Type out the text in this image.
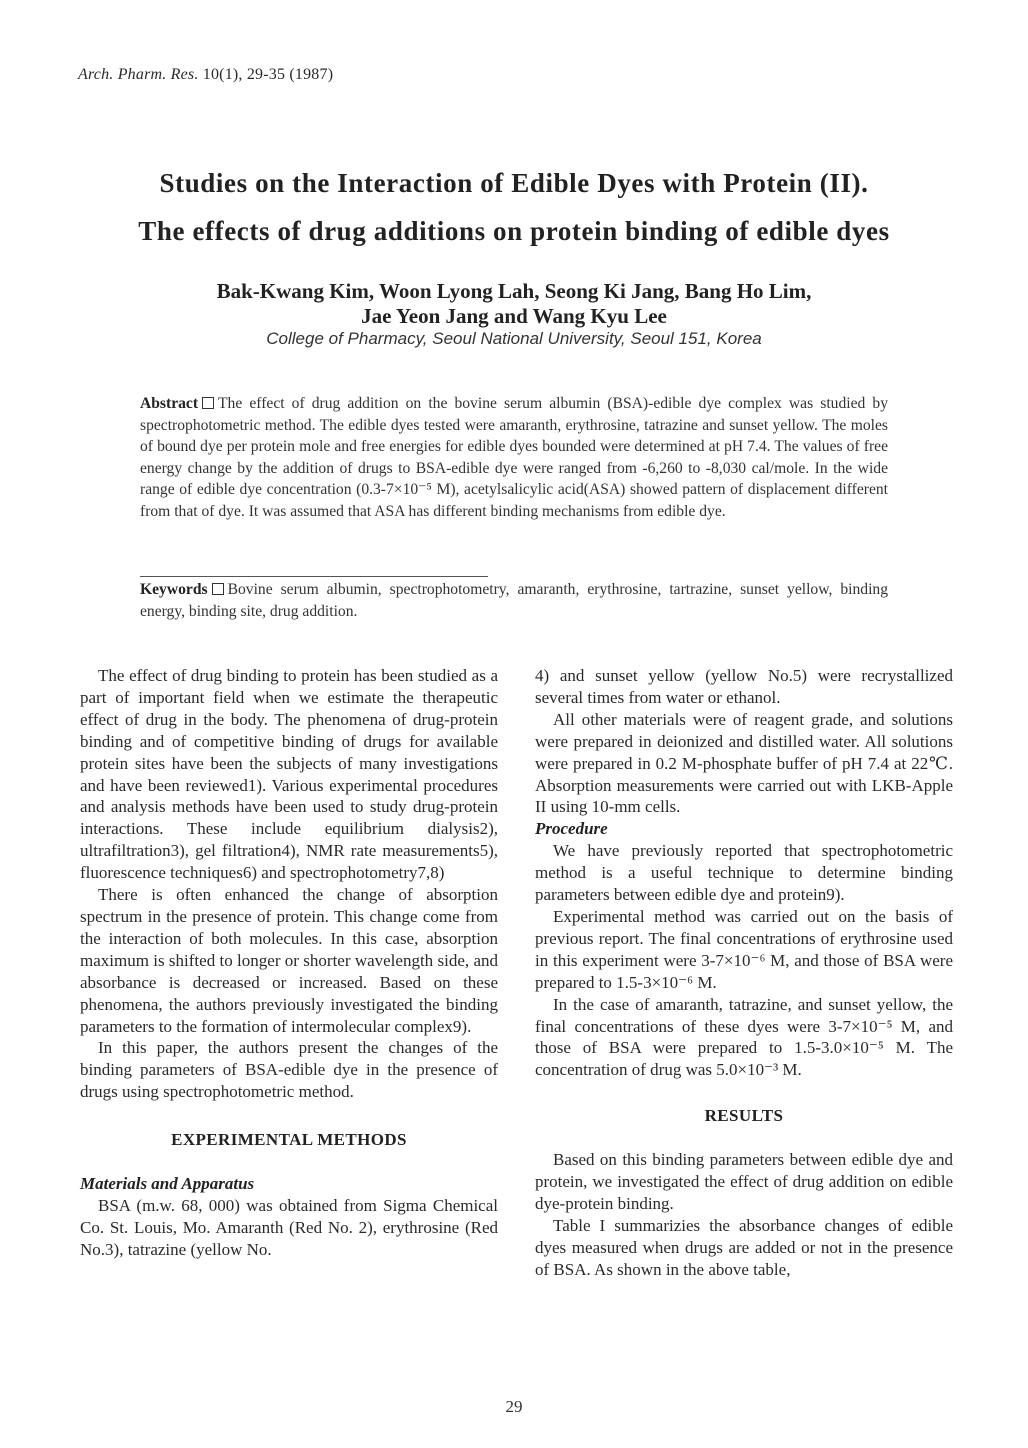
Arch. Pharm. Res. 10(1), 29-35 (1987)
Studies on the Interaction of Edible Dyes with Protein (II).
The effects of drug additions on protein binding of edible dyes
Bak-Kwang Kim, Woon Lyong Lah, Seong Ki Jang, Bang Ho Lim,
Jae Yeon Jang and Wang Kyu Lee
College of Pharmacy, Seoul National University, Seoul 151, Korea
Abstract The effect of drug addition on the bovine serum albumin (BSA)-edible dye complex was studied by spectrophotometric method. The edible dyes tested were amaranth, erythrosine, tatrazine and sunset yellow. The moles of bound dye per protein mole and free energies for edible dyes bounded were determined at pH 7.4. The values of free energy change by the addition of drugs to BSA-edible dye were ranged from -6,260 to -8,030 cal/mole. In the wide range of edible dye concentration (0.3-7×10⁻⁵ M), acetylsalicylic acid(ASA) showed pattern of displacement different from that of dye. It was assumed that ASA has different binding mechanisms from edible dye.
Keywords Bovine serum albumin, spectrophotometry, amaranth, erythrosine, tartrazine, sunset yellow, binding energy, binding site, drug addition.

The effect of drug binding to protein has been studied as a part of important field when we estimate the therapeutic effect of drug in the body. The phenomena of drug-protein binding and of competitive binding of drugs for available protein sites have been the subjects of many investigations and have been reviewed1). Various experimental procedures and analysis methods have been used to study drug-protein interactions. These include equilibrium dialysis2), ultrafiltration3), gel filtration4), NMR rate measurements5), fluorescence techniques6) and spectrophotometry7,8)

There is often enhanced the change of absorption spectrum in the presence of protein. This change come from the interaction of both molecules. In this case, absorption maximum is shifted to longer or shorter wavelength side, and absorbance is decreased or increased. Based on these phenomena, the authors previously investigated the binding parameters to the formation of intermolecular complex9).

In this paper, the authors present the changes of the binding parameters of BSA-edible dye in the presence of drugs using spectrophotometric method.

EXPERIMENTAL METHODS
Materials and Apparatus

BSA (m.w. 68, 000) was obtained from Sigma Chemical Co. St. Louis, Mo. Amaranth (Red No. 2), erythrosine (Red No.3), tatrazine (yellow No.

4) and sunset yellow (yellow No.5) were recrystallized several times from water or ethanol.

All other materials were of reagent grade, and solutions were prepared in deionized and distilled water. All solutions were prepared in 0.2 M-phosphate buffer of pH 7.4 at 22℃. Absorption measurements were carried out with LKB-Apple II using 10-mm cells.

Procedure

We have previously reported that spectrophotometric method is a useful technique to determine binding parameters between edible dye and protein9).

Experimental method was carried out on the basis of previous report. The final concentrations of erythrosine used in this experiment were 3-7×10⁻⁶ M, and those of BSA were prepared to 1.5-3×10⁻⁶ M.

In the case of amaranth, tatrazine, and sunset yellow, the final concentrations of these dyes were 3-7×10⁻⁵ M, and those of BSA were prepared to 1.5-3.0×10⁻⁵ M. The concentration of drug was 5.0×10⁻³ M.

RESULTS

Based on this binding parameters between edible dye and protein, we investigated the effect of drug addition on edible dye-protein binding.

Table I summarizies the absorbance changes of edible dyes measured when drugs are added or not in the presence of BSA. As shown in the above table,

29
